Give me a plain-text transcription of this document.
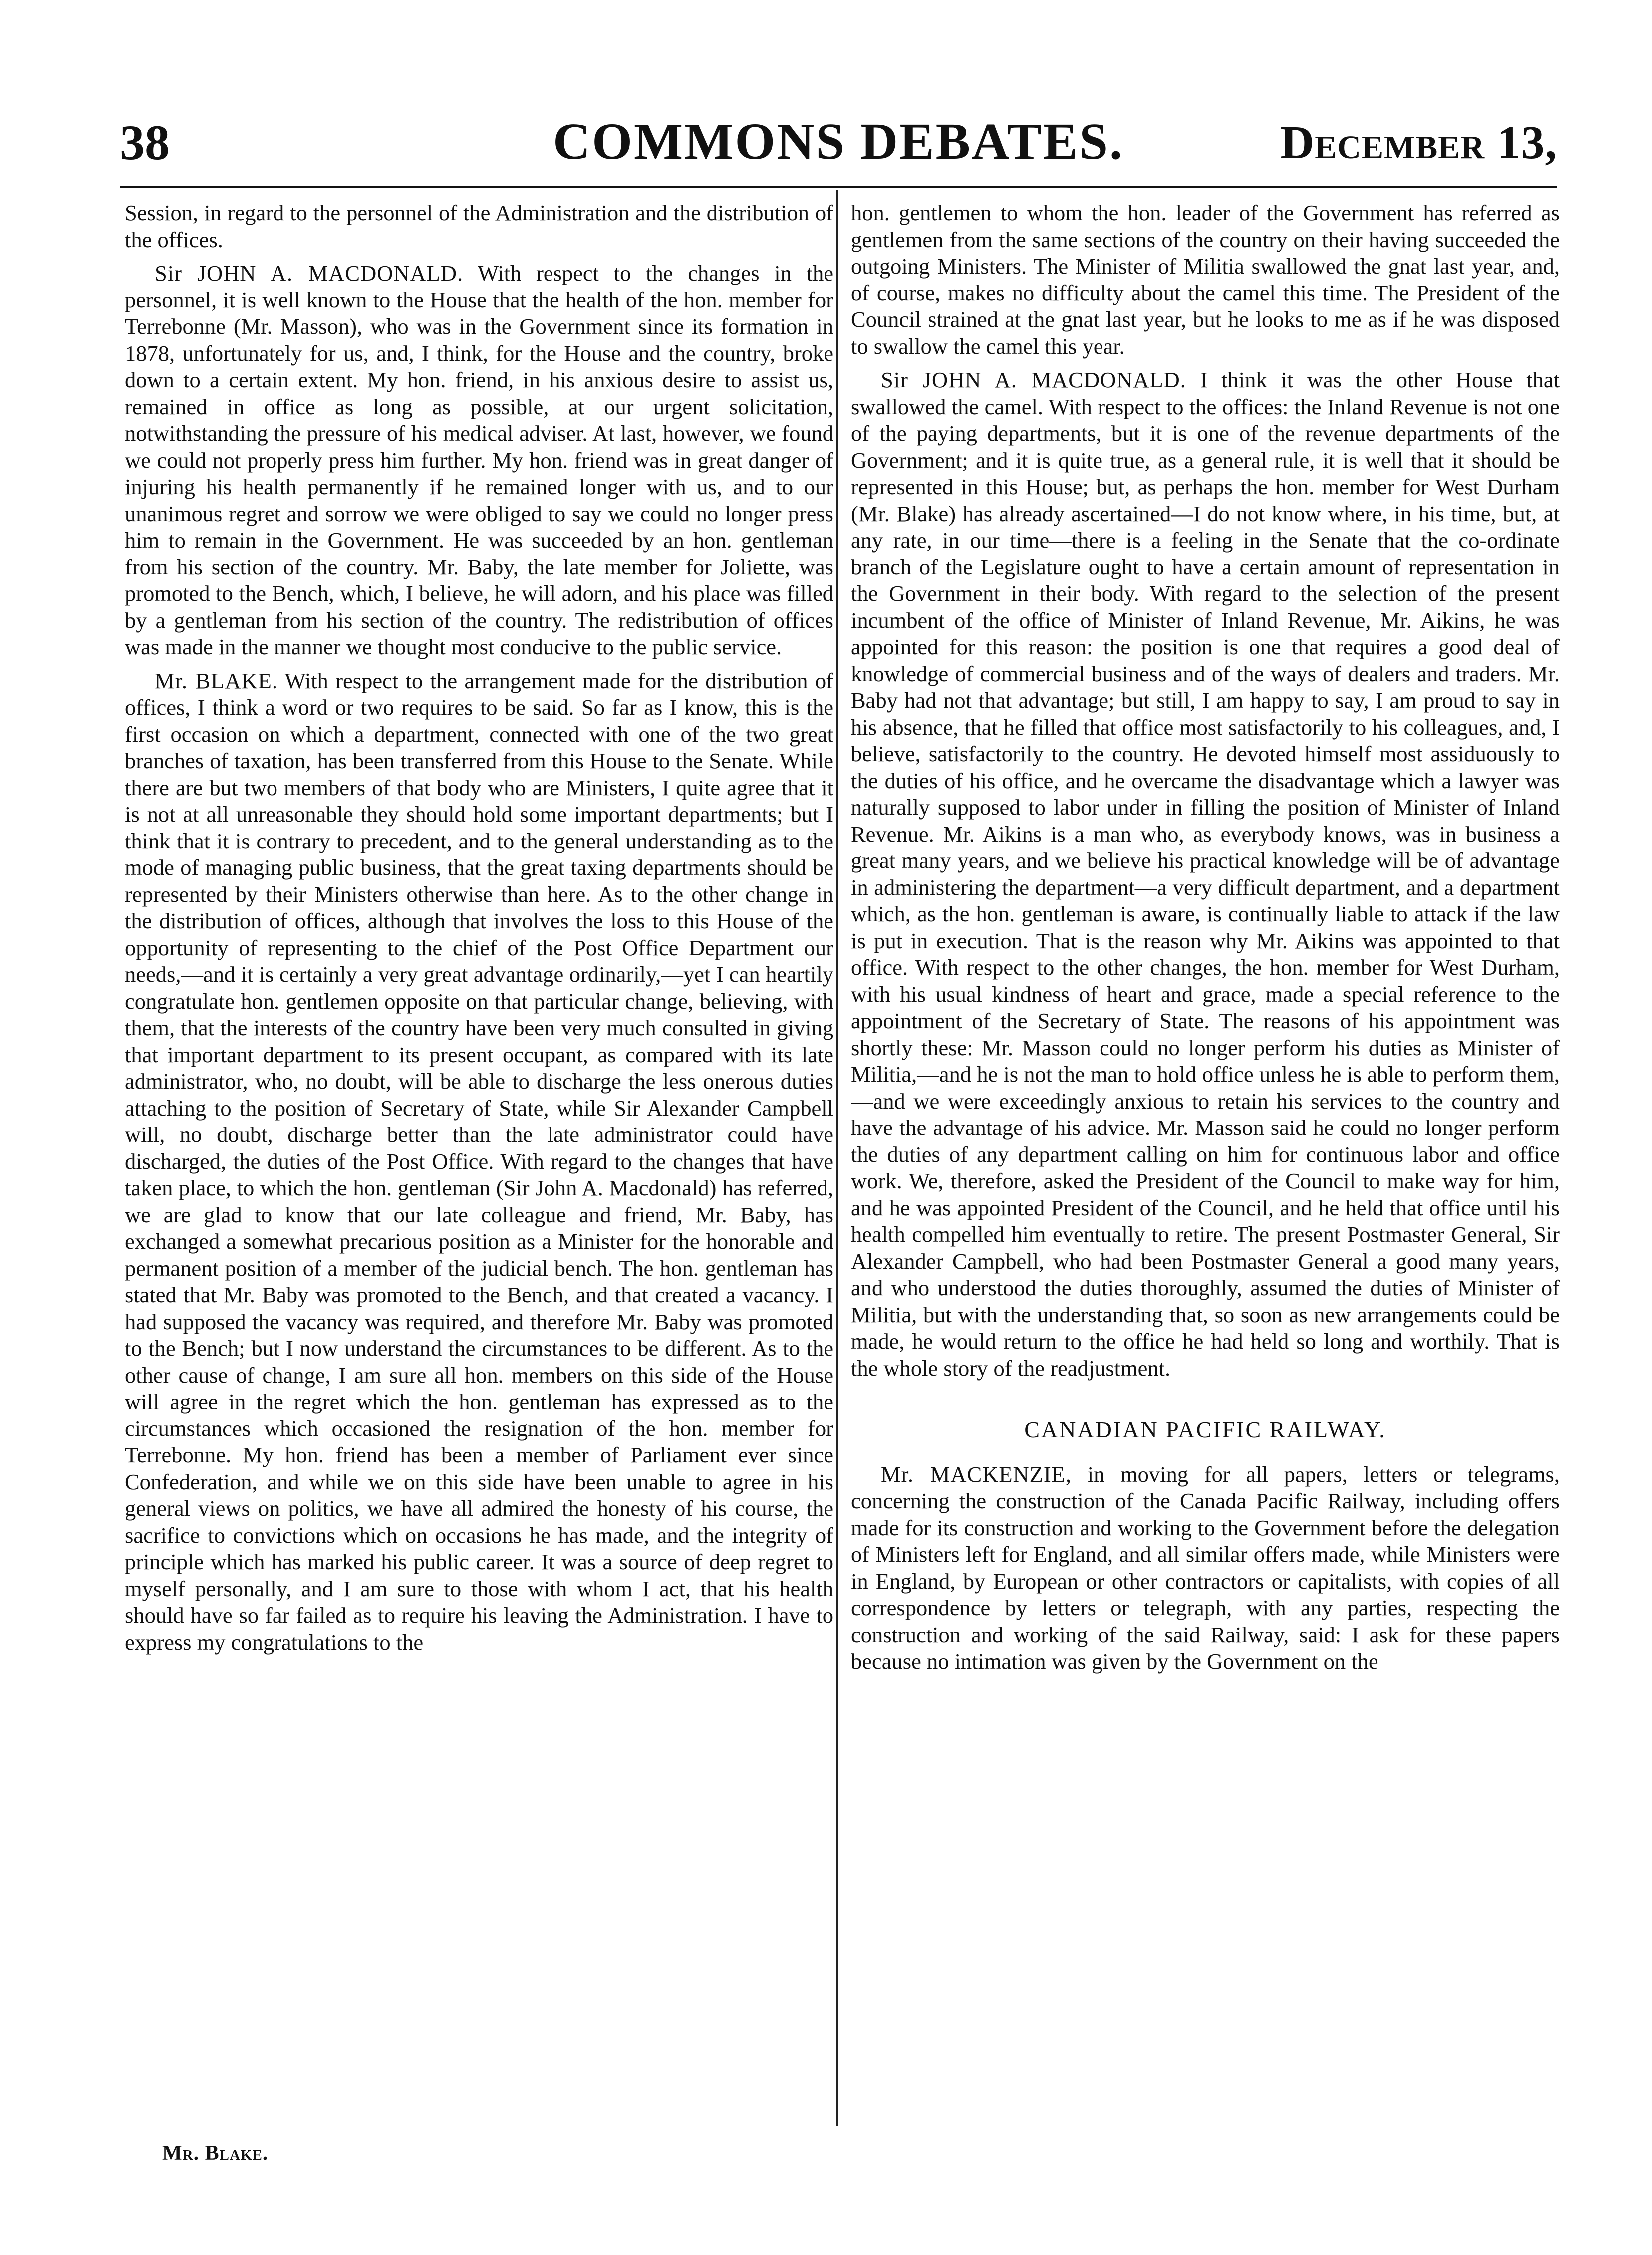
38	COMMONS DEBATES.	December 13,

Session, in regard to the personnel of the Administration and the distribution of the offices.

Sir JOHN A. MACDONALD. With respect to the changes in the personnel, it is well known to the House that the health of the hon. member for Terrebonne (Mr. Masson), who was in the Government since its formation in 1878, unfortunately for us, and, I think, for the House and the country, broke down to a certain extent. My hon. friend, in his anxious desire to assist us, remained in office as long as possible, at our urgent solicitation, notwithstanding the pressure of his medical adviser. At last, however, we found we could not properly press him further. My hon. friend was in great danger of injuring his health permanently if he remained longer with us, and to our unanimous regret and sorrow we were obliged to say we could no longer press him to remain in the Government. He was succeeded by an hon. gentleman from his section of the country. Mr. Baby, the late member for Joliette, was promoted to the Bench, which, I believe, he will adorn, and his place was filled by a gentleman from his section of the country. The redistribution of offices was made in the manner we thought most conducive to the public service.

Mr. BLAKE. With respect to the arrangement made for the distribution of offices, I think a word or two requires to be said. So far as I know, this is the first occasion on which a department, connected with one of the two great branches of taxation, has been transferred from this House to the Senate. While there are but two members of that body who are Ministers, I quite agree that it is not at all unreasonable they should hold some important departments; but I think that it is contrary to precedent, and to the general understanding as to the mode of managing public business, that the great taxing departments should be represented by their Ministers otherwise than here. As to the other change in the distribution of offices, although that involves the loss to this House of the opportunity of representing to the chief of the Post Office Department our needs,—and it is certainly a very great advantage ordinarily,—yet I can heartily congratulate hon. gentlemen opposite on that particular change, believing, with them, that the interests of the country have been very much consulted in giving that important department to its present occupant, as compared with its late administrator, who, no doubt, will be able to discharge the less onerous duties attaching to the position of Secretary of State, while Sir Alexander Campbell will, no doubt, discharge better than the late administrator could have discharged, the duties of the Post Office. With regard to the changes that have taken place, to which the hon. gentleman (Sir John A. Macdonald) has referred, we are glad to know that our late colleague and friend, Mr. Baby, has exchanged a somewhat precarious position as a Minister for the honorable and permanent position of a member of the judicial bench. The hon. gentleman has stated that Mr. Baby was promoted to the Bench, and that created a vacancy. I had supposed the vacancy was required, and therefore Mr. Baby was promoted to the Bench; but I now understand the circumstances to be different. As to the other cause of change, I am sure all hon. members on this side of the House will agree in the regret which the hon. gentleman has expressed as to the circumstances which occasioned the resignation of the hon. member for Terrebonne. My hon. friend has been a member of Parliament ever since Confederation, and while we on this side have been unable to agree in his general views on politics, we have all admired the honesty of his course, the sacrifice to convictions which on occasions he has made, and the integrity of principle which has marked his public career. It was a source of deep regret to myself personally, and I am sure to those with whom I act, that his health should have so far failed as to require his leaving the Administration. I have to express my congratulations to the

hon. gentlemen to whom the hon. leader of the Government has referred as gentlemen from the same sections of the country on their having succeeded the outgoing Ministers. The Minister of Militia swallowed the gnat last year, and, of course, makes no difficulty about the camel this time. The President of the Council strained at the gnat last year, but he looks to me as if he was disposed to swallow the camel this year.

Sir JOHN A. MACDONALD. I think it was the other House that swallowed the camel. With respect to the offices: the Inland Revenue is not one of the paying departments, but it is one of the revenue departments of the Government; and it is quite true, as a general rule, it is well that it should be represented in this House; but, as perhaps the hon. member for West Durham (Mr. Blake) has already ascertained—I do not know where, in his time, but, at any rate, in our time—there is a feeling in the Senate that the co-ordinate branch of the Legislature ought to have a certain amount of representation in the Government in their body. With regard to the selection of the present incumbent of the office of Minister of Inland Revenue, Mr. Aikins, he was appointed for this reason: the position is one that requires a good deal of knowledge of commercial business and of the ways of dealers and traders. Mr. Baby had not that advantage; but still, I am happy to say, I am proud to say in his absence, that he filled that office most satisfactorily to his colleagues, and, I believe, satisfactorily to the country. He devoted himself most assiduously to the duties of his office, and he overcame the disadvantage which a lawyer was naturally supposed to labor under in filling the position of Minister of Inland Revenue. Mr. Aikins is a man who, as everybody knows, was in business a great many years, and we believe his practical knowledge will be of advantage in administering the department—a very difficult department, and a department which, as the hon. gentleman is aware, is continually liable to attack if the law is put in execution. That is the reason why Mr. Aikins was appointed to that office. With respect to the other changes, the hon. member for West Durham, with his usual kindness of heart and grace, made a special reference to the appointment of the Secretary of State. The reasons of his appointment was shortly these: Mr. Masson could no longer perform his duties as Minister of Militia,—and he is not the man to hold office unless he is able to perform them,—and we were exceedingly anxious to retain his services to the country and have the advantage of his advice. Mr. Masson said he could no longer perform the duties of any department calling on him for continuous labor and office work. We, therefore, asked the President of the Council to make way for him, and he was appointed President of the Council, and he held that office until his health compelled him eventually to retire. The present Postmaster General, Sir Alexander Campbell, who had been Postmaster General a good many years, and who understood the duties thoroughly, assumed the duties of Minister of Militia, but with the understanding that, so soon as new arrangements could be made, he would return to the office he had held so long and worthily. That is the whole story of the readjustment.

CANADIAN PACIFIC RAILWAY.

Mr. MACKENZIE, in moving for all papers, letters or telegrams, concerning the construction of the Canada Pacific Railway, including offers made for its construction and working to the Government before the delegation of Ministers left for England, and all similar offers made, while Ministers were in England, by European or other contractors or capitalists, with copies of all correspondence by letters or telegraph, with any parties, respecting the construction and working of the said Railway, said: I ask for these papers because no intimation was given by the Government on the

Mr. Blake.
